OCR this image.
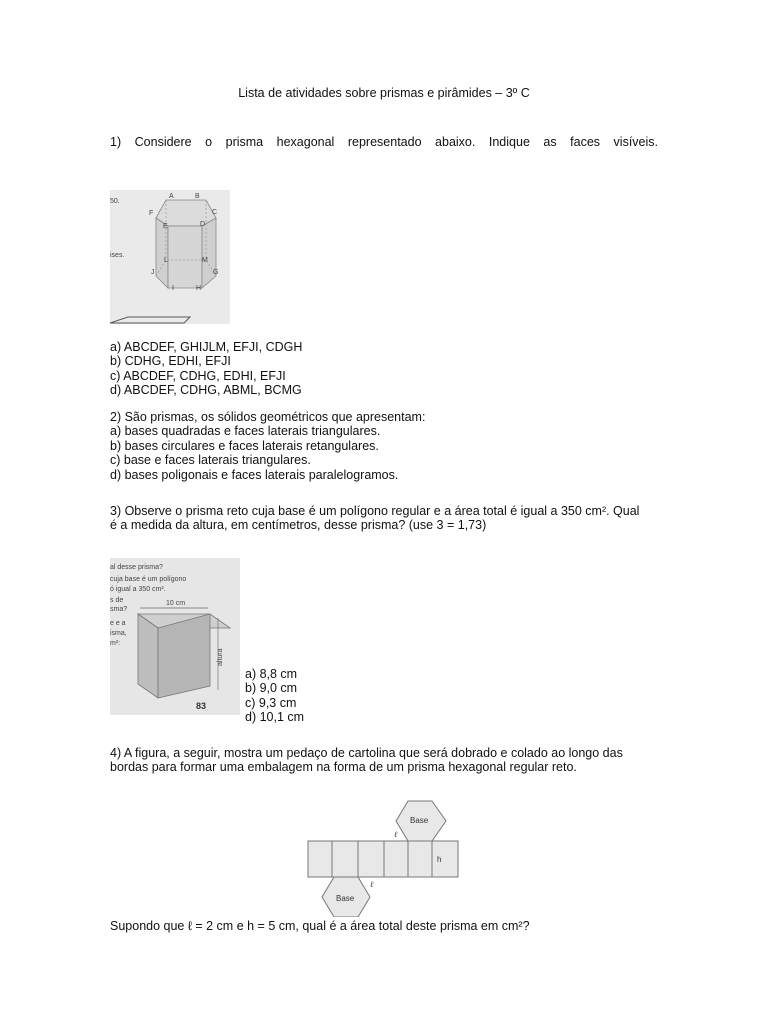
Lista de atividades sobre prismas e pirâmides – 3º C
1) Considere o prisma hexagonal representado abaixo. Indique as faces visíveis.
A	B
C
D
E
F
G
H
I
J
L	M
50.
ises.
a) ABCDEF, GHIJLM, EFJI, CDGH
b) CDHG, EDHI, EFJI
c) ABCDEF, CDHG, EDHI, EFJI
d) ABCDEF, CDHG, ABML, BCMG
2) São prismas, os sólidos geométricos que apresentam:
a) bases quadradas e faces laterais triangulares.
b) bases circulares e faces laterais retangulares.
c) base e faces laterais triangulares.
d) bases poligonais e faces laterais paralelogramos.
3) Observe o prisma reto cuja base é um polígono regular e a área total é igual a 350 cm². Qual
é a medida da altura, em centímetros, desse prisma? (use 3 = 1,73)
al desse prisma?
cuja base é um polígono
ó igual a 350 cm².
s de
sma?
e e a
isma,
m²:
10 cm
altura
83
a) 8,8 cm
b) 9,0 cm
c) 9,3 cm
d) 10,1 cm
4) A figura, a seguir, mostra um pedaço de cartolina que será dobrado e colado ao longo das
bordas para formar uma embalagem na forma de um prisma hexagonal regular reto.
Base
Base
ℓ
ℓ
h
Supondo que ℓ = 2 cm e h = 5 cm, qual é a área total deste prisma em cm²?
